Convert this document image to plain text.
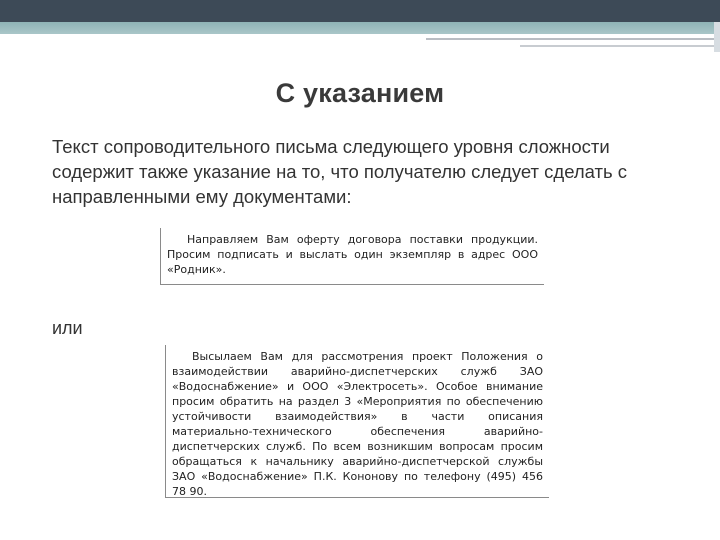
С указанием
Текст сопроводительного письма следующего уровня сложности содержит также указание на то, что получателю следует сделать с направленными ему документами:

Направляем Вам оферту договора поставки продукции. Просим подписать и выслать один экземпляр в адрес ООО «Родник».

или

Высылаем Вам для рассмотрения проект Положения о взаимодействии аварийно-диспетчерских служб ЗАО «Водоснабжение» и ООО «Электросеть». Особое внимание просим обратить на раздел 3 «Мероприятия по обеспечению устойчивости взаимодействия» в части описания материально-технического обеспечения аварийно-диспетчерских служб. По всем возникшим вопросам просим обращаться к начальнику аварийно-диспетчерской службы ЗАО «Водоснабжение» П.К. Кононову по телефону (495) 456 78 90.
